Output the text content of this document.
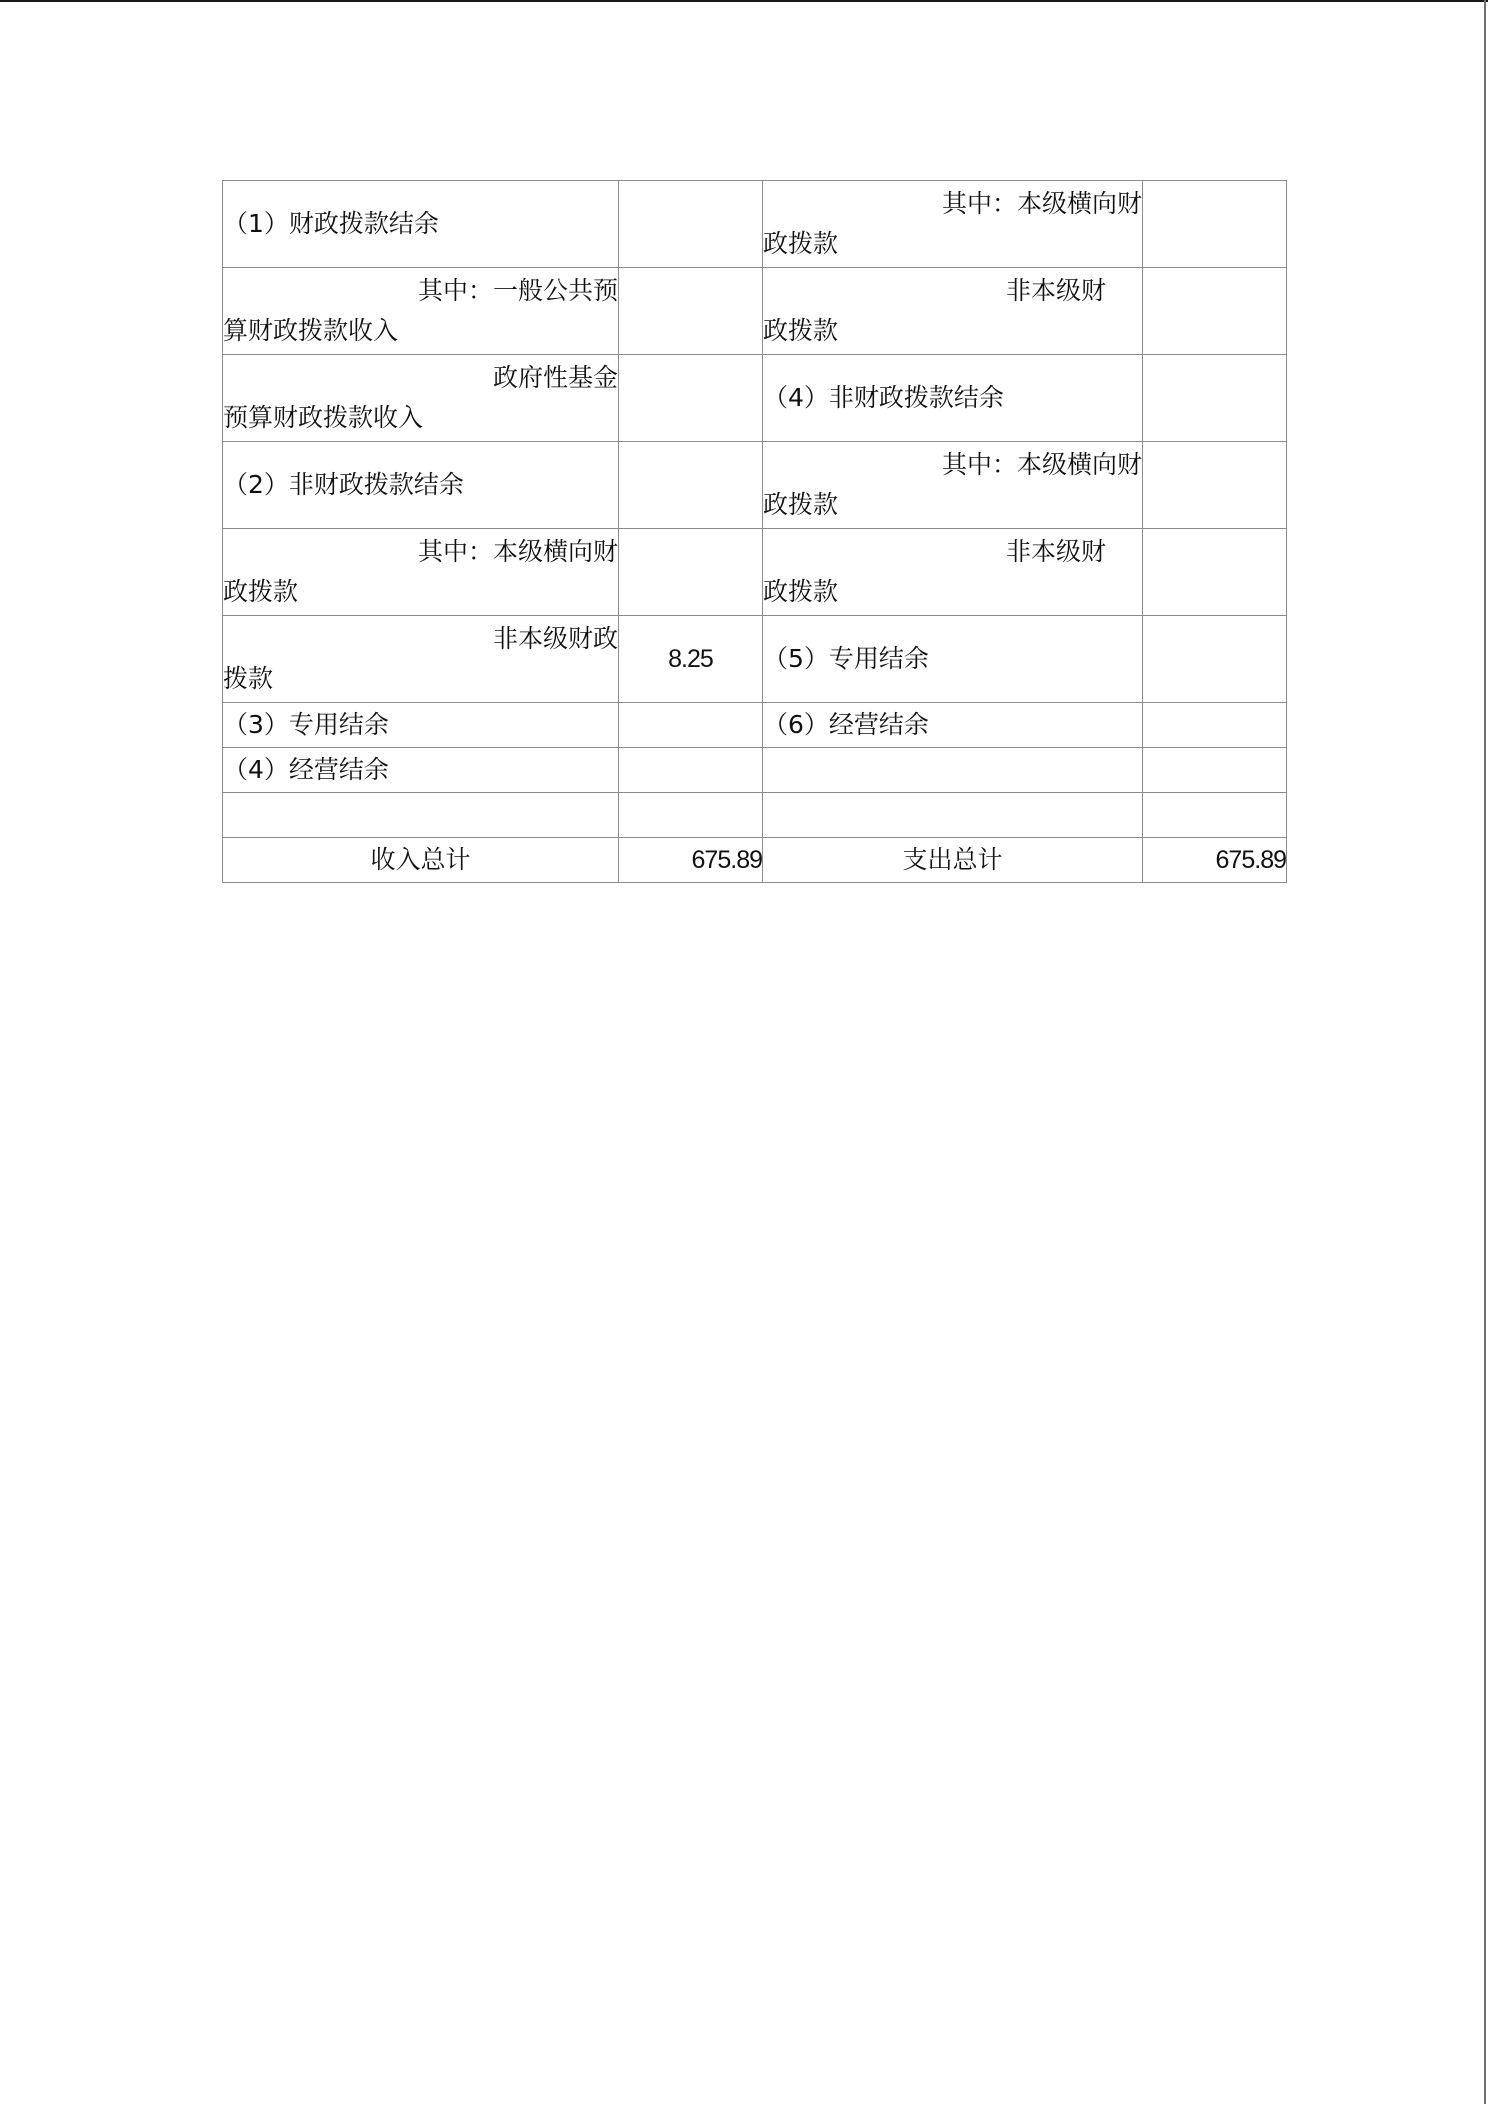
（1）财政拨款结余		其中：本级横向财
政拨款	

其中：一般公共预
算财政拨款收入		非本级财
政拨款	

政府性基金
预算财政拨款收入		（4）非财政拨款结余	
（2）非财政拨款结余		其中：本级横向财
政拨款	

其中：本级横向财
政拨款		非本级财
政拨款	

非本级财政
拨款	8.25	（5）专用结余	
（3）专用结余		（6）经营结余	
（4）经营结余			

收入总计	675.89	支出总计	675.89
